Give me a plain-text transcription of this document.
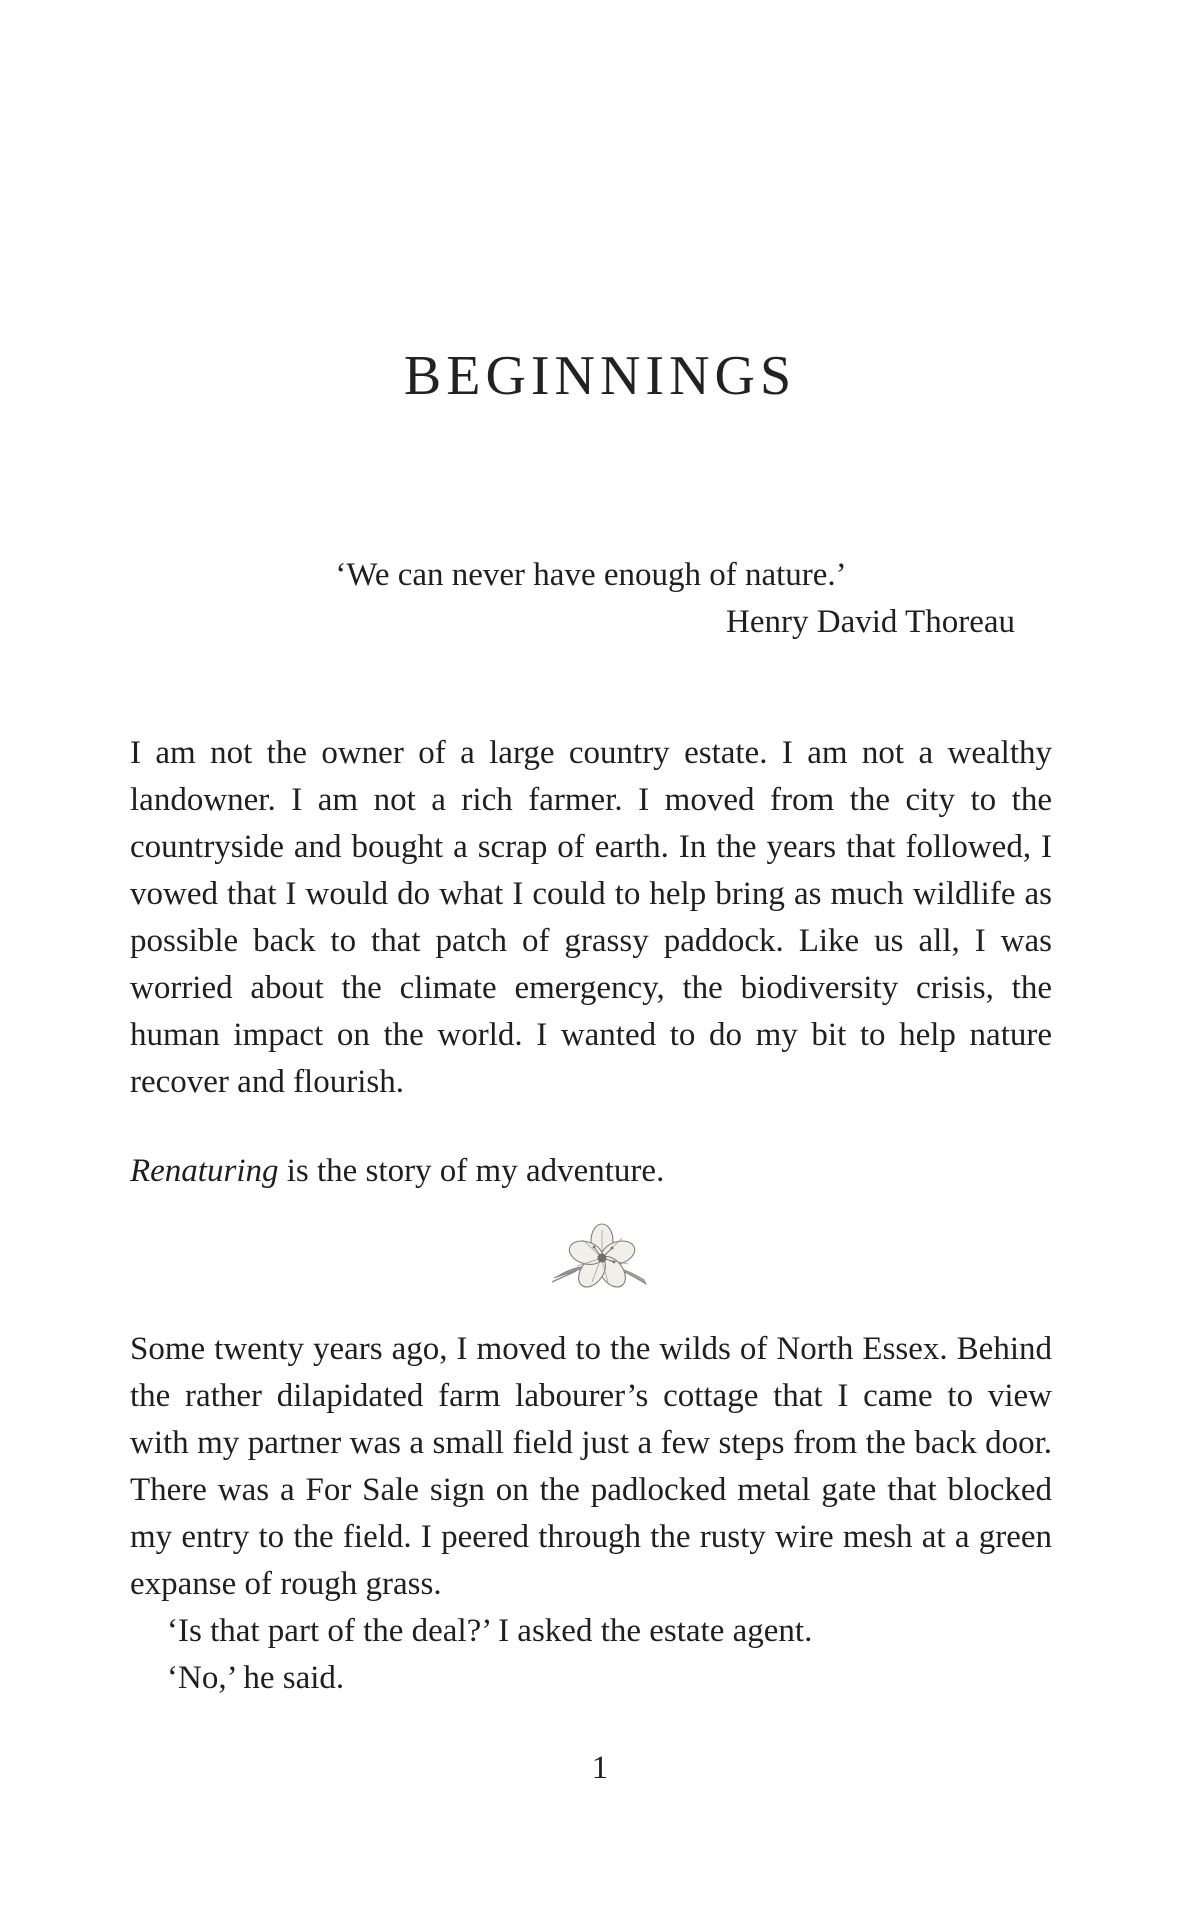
BEGINNINGS
‘We can never have enough of nature.’
Henry David Thoreau
I am not the owner of a large country estate. I am not a wealthy landowner. I am not a rich farmer. I moved from the city to the countryside and bought a scrap of earth. In the years that followed, I vowed that I would do what I could to help bring as much wildlife as possible back to that patch of grassy paddock. Like us all, I was worried about the climate emergency, the biodiversity crisis, the human impact on the world. I wanted to do my bit to help nature recover and flourish.
Renaturing is the story of my adventure.
Some twenty years ago, I moved to the wilds of North Essex. Behind the rather dilapidated farm labourer’s cottage that I came to view with my partner was a small field just a few steps from the back door. There was a For Sale sign on the padlocked metal gate that blocked my entry to the field. I peered through the rusty wire mesh at a green expanse of rough grass.
‘Is that part of the deal?’ I asked the estate agent.
‘No,’ he said.
1
